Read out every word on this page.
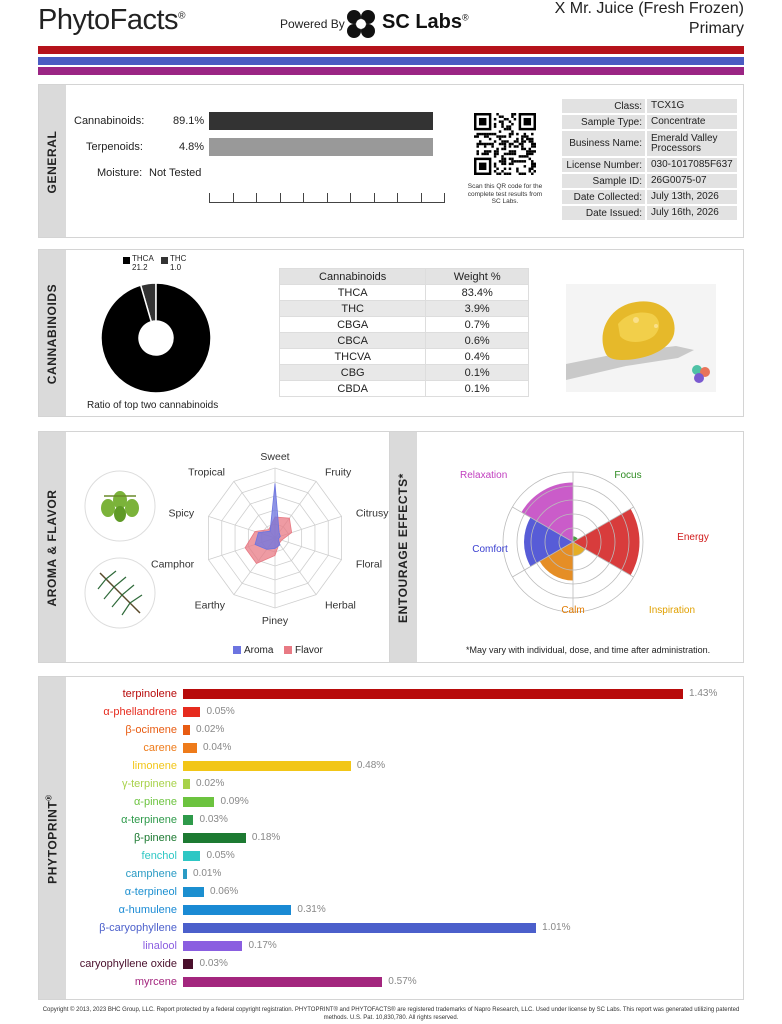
PhytoFacts®
Powered By SC Labs®
X Mr. Juice (Fresh Frozen)
Primary
GENERAL
Cannabinoids:	89.1%
Terpenoids:	4.8%
Moisture: Not Tested
Scan this QR code for the complete test results from SC Labs.
Class: TCX1G
Sample Type: Concentrate
Business Name: Emerald Valley Processors
License Number: 030-1017085F637
Sample ID: 26G0075-07
Date Collected: July 13th, 2026
Date Issued: July 16th, 2026
CANNABINOIDS
THCA
21.2
THC
1.0
Ratio of top two cannabinoids
Cannabinoids	Weight %
THCA	83.4%
THC	3.9%
CBGA	0.7%
CBCA	0.6%
THCVA	0.4%
CBG	0.1%
CBDA	0.1%
AROMA & FLAVOR
Sweet
Fruity
Citrusy
Floral
Herbal
Piney
Earthy
Camphor
Spicy
Tropical
Aroma Flavor
ENTOURAGE EFFECTS*	Relaxation	Focus
Energy
Inspiration
Calm
Comfort
*May vary with individual, dose, and time after administration.
PHYTOPRINT®
terpinolene	1.43%
α-phellandrene	0.05%
β-ocimene 0.02%
carene	0.04%
limonene	0.48%
γ-terpinene 0.02%
α-pinene	0.09%
α-terpinene 0.03%
β-pinene	0.18%
fenchol	0.05%
camphene 0.01%
α-terpineol	0.06%
α-humulene	0.31%
β-caryophyllene	1.01%
linalool	0.17%
caryophyllene oxide 0.03%
myrcene	0.57%
Copyright © 2013, 2023 BHC Group, LLC. Report protected by a federal copyright registration. PHYTOPRINT® and PHYTOFACTS® are registered trademarks of Napro Research, LLC. Used under license by SC Labs. This report was generated utilizing patented methods. U.S. Pat. 10,830,780. All rights reserved.
